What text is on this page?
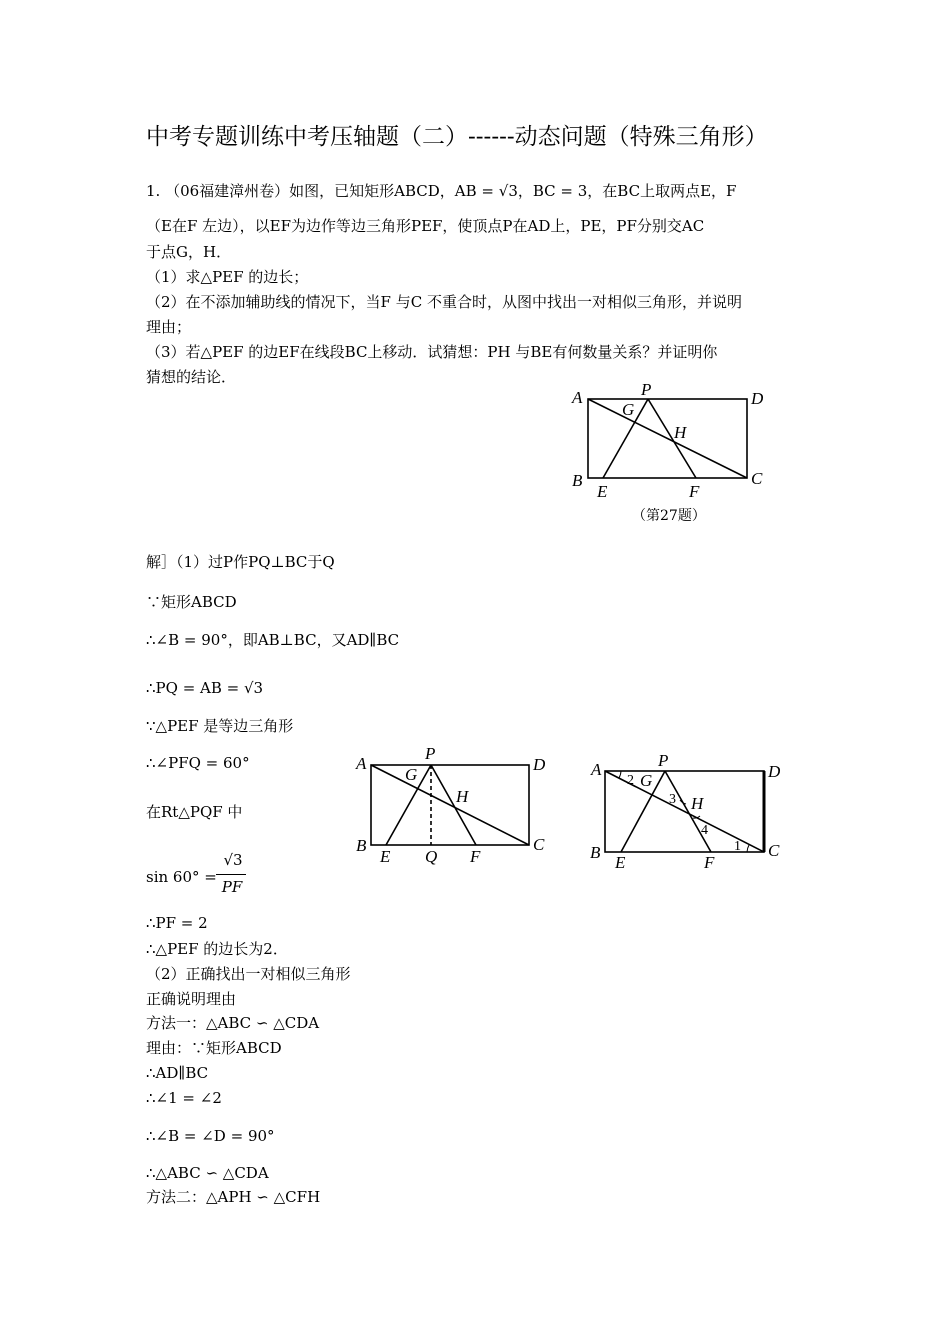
中考专题训练中考压轴题（二）------动态问题（特殊三角形）
1. （06福建漳州卷）如图，已知矩形ABCD，AB = √3，BC = 3，在BC上取两点E，F
（E在F 左边），以EF为边作等边三角形PEF，使顶点P在AD上，PE，PF分别交AC
于点G，H．
（1）求△PEF 的边长；
（2）在不添加辅助线的情况下，当F 与C 不重合时，从图中找出一对相似三角形，并说明
理由；
（3）若△PEF 的边EF在线段BC上移动．试猜想：PH 与BE有何数量关系？并证明你
猜想的结论．
A	P	D
G
H
B	C
E	F
（第27题）
解］（1）过P作PQ⊥BC于Q
∵矩形ABCD
∴∠B = 90°，即AB⊥BC，又AD∥BC
∴PQ = AB = √3
∵△PEF 是等边三角形
∴∠PFQ = 60°
在Rt△PQF 中
sin 60° =
√3
PF
∴PF = 2
∴△PEF 的边长为2．
（2）正确找出一对相似三角形
正确说明理由
方法一：△ABC ∽ △CDA
理由：∵矩形ABCD
∴AD∥BC
∴∠1 = ∠2
∴∠B = ∠D = 90°
∴△ABC ∽ △CDA
方法二：△APH ∽ △CFH
A
P
D
G
H
B	C
E Q F
A	P
D
2 G
3 H
4
1
B	C
E	F
